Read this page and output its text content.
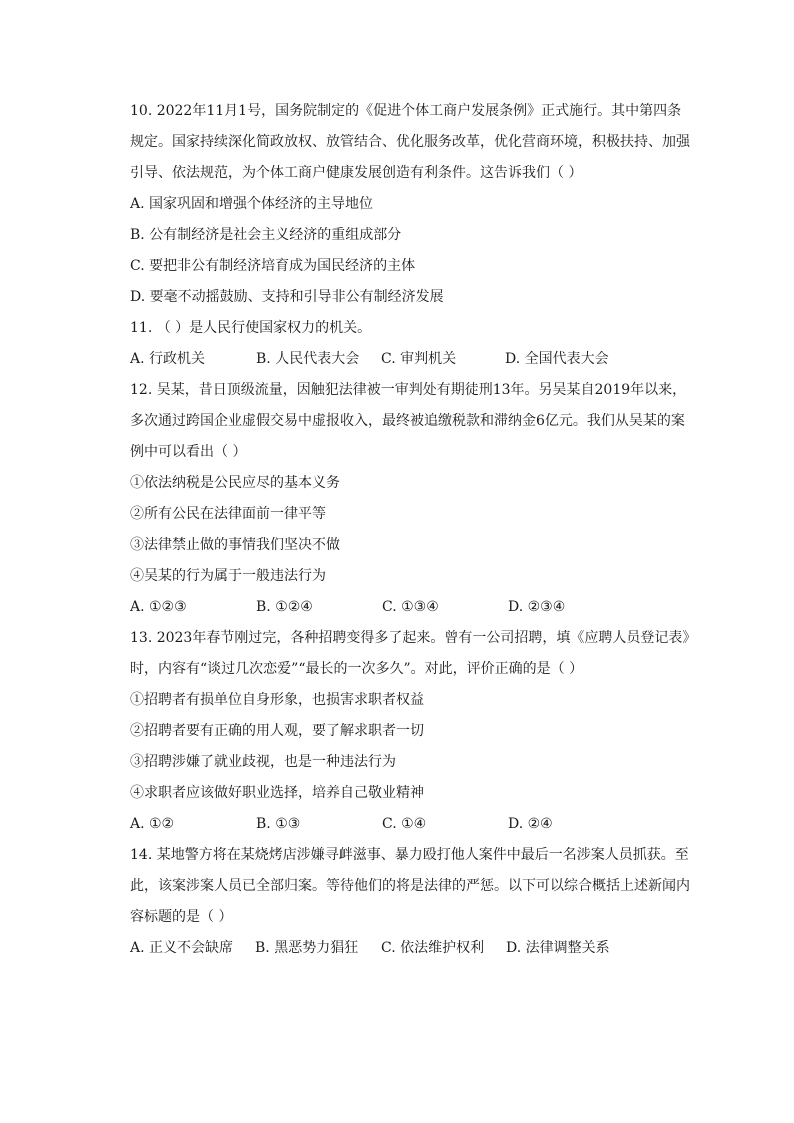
10. 2022年11月1号，国务院制定的《促进个体工商户发展条例》正式施行。其中第四条
规定。国家持续深化简政放权、放管结合、优化服务改革，优化营商环境，积极扶持、加强
引导、依法规范，为个体工商户健康发展创造有利条件。这告诉我们（ ）
A. 国家巩固和增强个体经济的主导地位
B. 公有制经济是社会主义经济的重组成部分
C. 要把非公有制经济培育成为国民经济的主体
D. 要毫不动摇鼓励、支持和引导非公有制经济发展
11. （ ）是人民行使国家权力的机关。
A. 行政机关	B. 人民代表大会	C. 审判机关	D. 全国代表大会
12. 吴某，昔日顶级流量，因触犯法律被一审判处有期徒刑13年。另吴某自2019年以来，
多次通过跨国企业虚假交易中虚报收入，最终被追缴税款和滞纳金6亿元。我们从吴某的案
例中可以看出（ ）
①依法纳税是公民应尽的基本义务
②所有公民在法律面前一律平等
③法律禁止做的事情我们坚决不做
④吴某的行为属于一般违法行为
A. ①②③	B. ①②④	C. ①③④	D. ②③④
13. 2023年春节刚过完，各种招聘变得多了起来。曾有一公司招聘，填《应聘人员登记表》
时，内容有“谈过几次恋爱”“最长的一次多久”。对此，评价正确的是（ ）
①招聘者有损单位自身形象，也损害求职者权益
②招聘者要有正确的用人观，要了解求职者一切
③招聘涉嫌了就业歧视，也是一种违法行为
④求职者应该做好职业选择，培养自己敬业精神
A. ①②	B. ①③	C. ①④	D. ②④
14. 某地警方将在某烧烤店涉嫌寻衅滋事、暴力殴打他人案件中最后一名涉案人员抓获。至
此，该案涉案人员已全部归案。等待他们的将是法律的严惩。以下可以综合概括上述新闻内
容标题的是（ ）
A. 正义不会缺席	B. 黑恶势力猖狂	C. 依法维护权利	D. 法律调整关系
